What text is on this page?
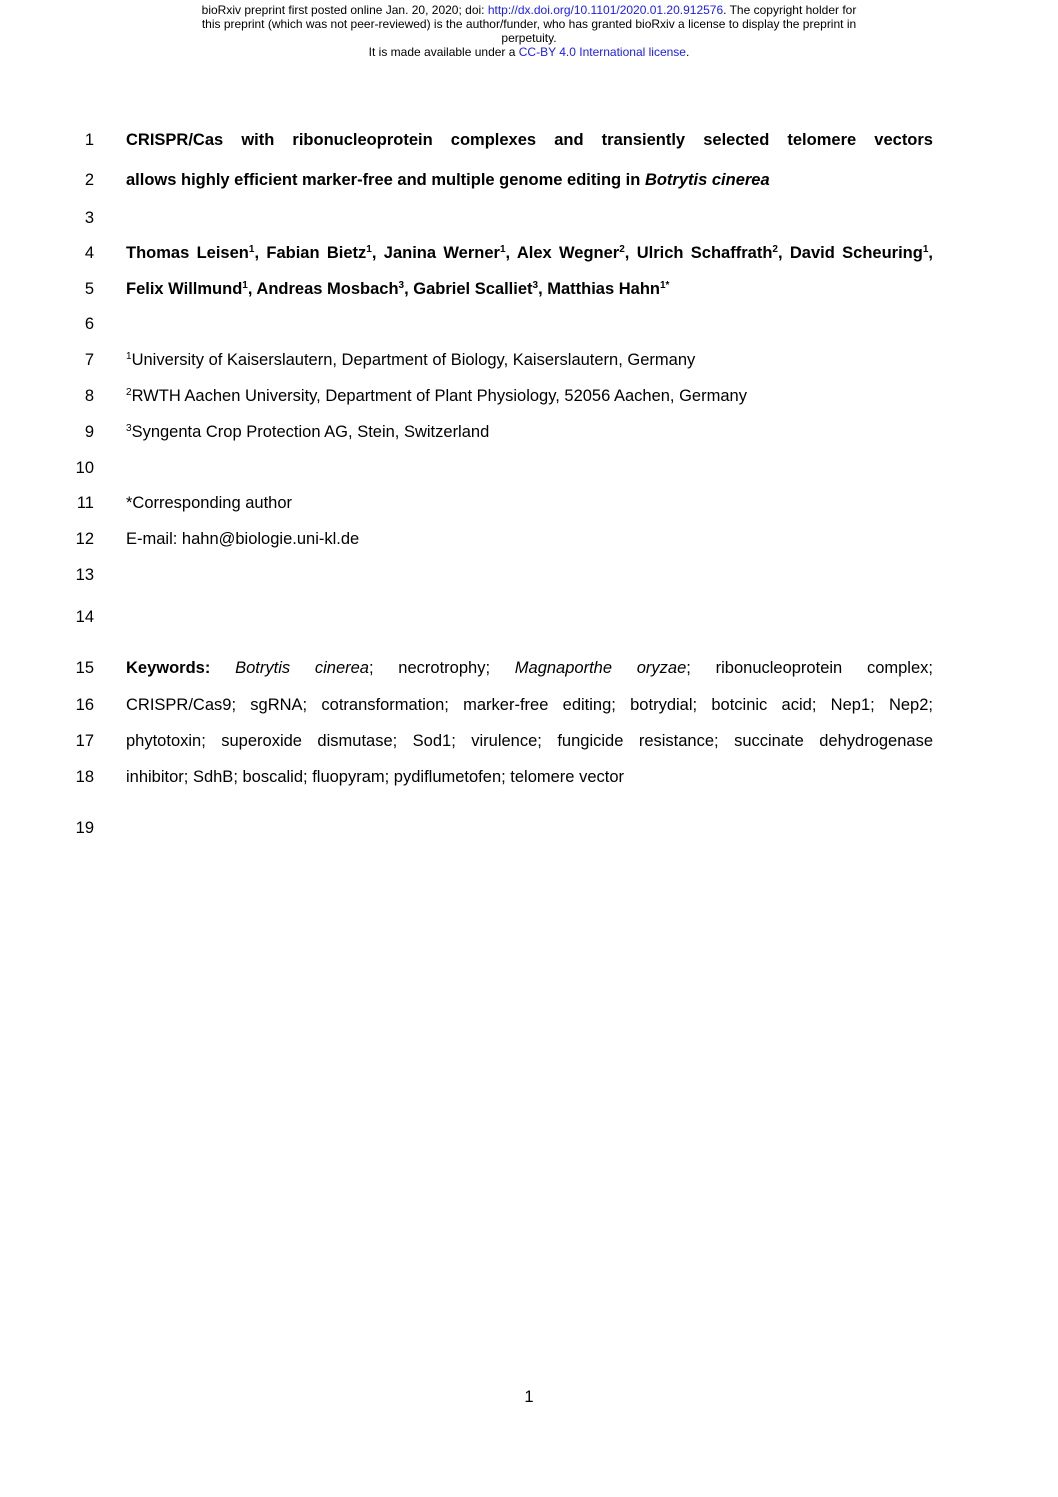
bioRxiv preprint first posted online Jan. 20, 2020; doi: http://dx.doi.org/10.1101/2020.01.20.912576. The copyright holder for
this preprint (which was not peer-reviewed) is the author/funder, who has granted bioRxiv a license to display the preprint in
perpetuity.
It is made available under a CC-BY 4.0 International license.
1 CRISPR/Cas with ribonucleoprotein complexes and transiently selected telomere vectors
2 allows highly efficient marker-free and multiple genome editing in Botrytis cinerea
3
4 Thomas Leisen$^1$, Fabian Bietz$^1$, Janina Werner$^1$, Alex Wegner$^2$, Ulrich Schaffrath$^2$, David Scheuring$^1$,
5 Felix Willmund$^1$, Andreas Mosbach$^3$, Gabriel Scalliet$^3$, Matthias Hahn$^{1*}$
6
7	$^1$University of Kaiserslautern, Department of Biology, Kaiserslautern, Germany
8	$^2$RWTH Aachen University, Department of Plant Physiology, 52056 Aachen, Germany
9	$^3$Syngenta Crop Protection AG, Stein, Switzerland
10
11 *Corresponding author
12 E-mail: hahn@biologie.uni-kl.de
13
14
15 Keywords: Botrytis cinerea; necrotrophy; Magnaporthe oryzae; ribonucleoprotein complex;
16 CRISPR/Cas9; sgRNA; cotransformation; marker-free editing; botrydial; botcinic acid; Nep1; Nep2;
17 phytotoxin; superoxide dismutase; Sod1; virulence; fungicide resistance; succinate dehydrogenase
18 inhibitor; SdhB; boscalid; fluopyram; pydiflumetofen; telomere vector
19
1
